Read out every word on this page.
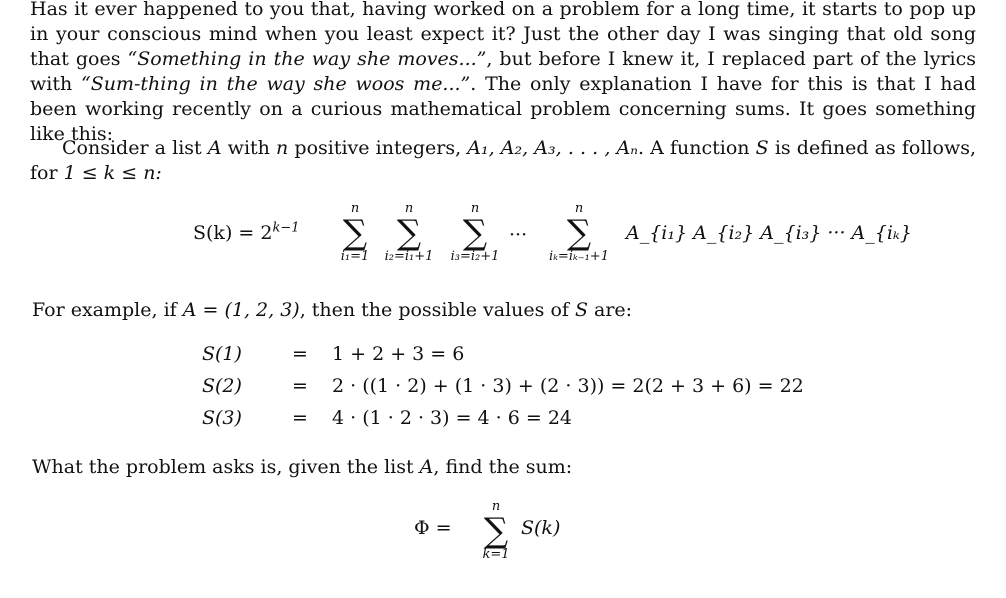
Has it ever happened to you that, having worked on a problem for a long time, it starts to pop up in your conscious mind when you least expect it? Just the other day I was singing that old song that goes “Something in the way she moves...”, but before I knew it, I replaced part of the lyrics with “Sum-thing in the way she woos me...”. The only explanation I have for this is that I had been working recently on a curious mathematical problem concerning sums. It goes something like this:

Consider a list A with n positive integers, A₁, A₂, A₃, . . . , Aₙ. A function S is defined as follows, for 1 ≤ k ≤ n:

$S(k) = 2^{k-1}$
n
∑
i₁=1
n
∑
i₂=i₁+1
n
∑
i₃=i₂+1
···
n
∑
iₖ=iₖ₋₁+1
A_{i₁} A_{i₂} A_{i₃} ··· A_{iₖ}

For example, if A = (1, 2, 3), then the possible values of S are:

S(1)	= 1 + 2 + 3 = 6
S(2)	= 2 · ((1 · 2) + (1 · 3) + (2 · 3)) = 2(2 + 3 + 6) = 22
S(3)	= 4 · (1 · 2 · 3) = 4 · 6 = 24

What the problem asks is, given the list A, find the sum:

Φ =
n
∑
k=1
S(k)
